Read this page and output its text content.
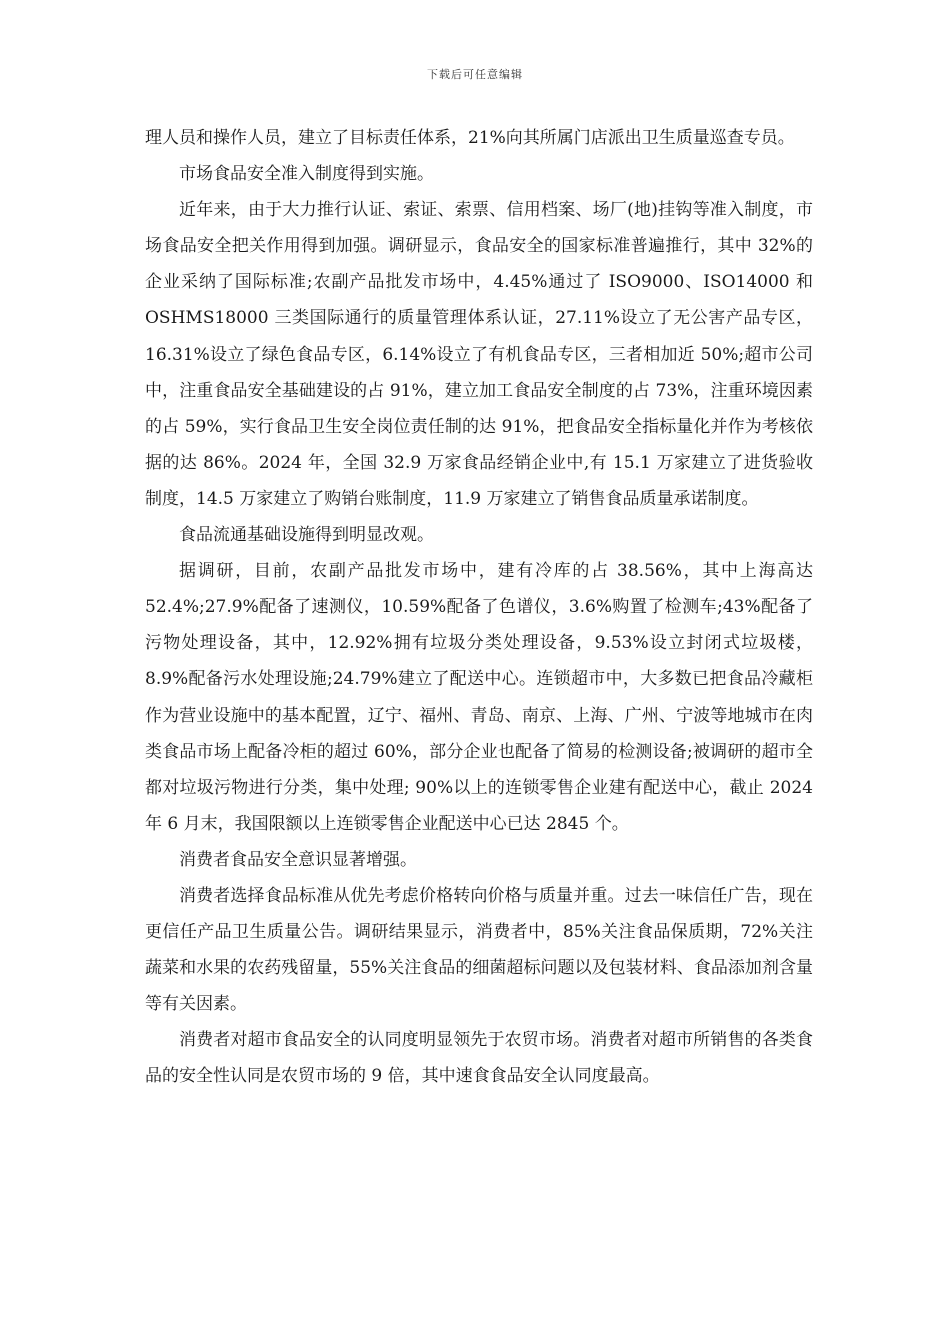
下载后可任意编辑

理人员和操作人员，建立了目标责任体系，21%向其所属门店派出卫生质量巡查专员。

市场食品安全准入制度得到实施。

近年来，由于大力推行认证、索证、索票、信用档案、场厂(地)挂钩等准入制度，市场食品安全把关作用得到加强。调研显示，食品安全的国家标准普遍推行，其中 32%的企业采纳了国际标准;农副产品批发市场中，4.45%通过了 ISO9000、ISO14000 和 OSHMS18000 三类国际通行的质量管理体系认证，27.11%设立了无公害产品专区，16.31%设立了绿色食品专区，6.14%设立了有机食品专区，三者相加近 50%;超市公司中，注重食品安全基础建设的占 91%，建立加工食品安全制度的占 73%，注重环境因素的占 59%，实行食品卫生安全岗位责任制的达 91%，把食品安全指标量化并作为考核依据的达 86%。2024 年，全国 32.9 万家食品经销企业中,有 15.1 万家建立了进货验收制度，14.5 万家建立了购销台账制度，11.9 万家建立了销售食品质量承诺制度。

食品流通基础设施得到明显改观。

据调研，目前，农副产品批发市场中，建有冷库的占 38.56%，其中上海高达 52.4%;27.9%配备了速测仪，10.59%配备了色谱仪，3.6%购置了检测车;43%配备了污物处理设备，其中，12.92%拥有垃圾分类处理设备，9.53%设立封闭式垃圾楼，8.9%配备污水处理设施;24.79%建立了配送中心。连锁超市中，大多数已把食品冷藏柜作为营业设施中的基本配置，辽宁、福州、青岛、南京、上海、广州、宁波等地城市在肉类食品市场上配备冷柜的超过 60%，部分企业也配备了简易的检测设备;被调研的超市全都对垃圾污物进行分类，集中处理; 90%以上的连锁零售企业建有配送中心，截止 2024 年 6 月末，我国限额以上连锁零售企业配送中心已达 2845 个。

消费者食品安全意识显著增强。

消费者选择食品标准从优先考虑价格转向价格与质量并重。过去一味信任广告，现在更信任产品卫生质量公告。调研结果显示，消费者中，85%关注食品保质期，72%关注蔬菜和水果的农药残留量，55%关注食品的细菌超标问题以及包装材料、食品添加剂含量等有关因素。

消费者对超市食品安全的认同度明显领先于农贸市场。消费者对超市所销售的各类食品的安全性认同是农贸市场的 9 倍，其中速食食品安全认同度最高。
